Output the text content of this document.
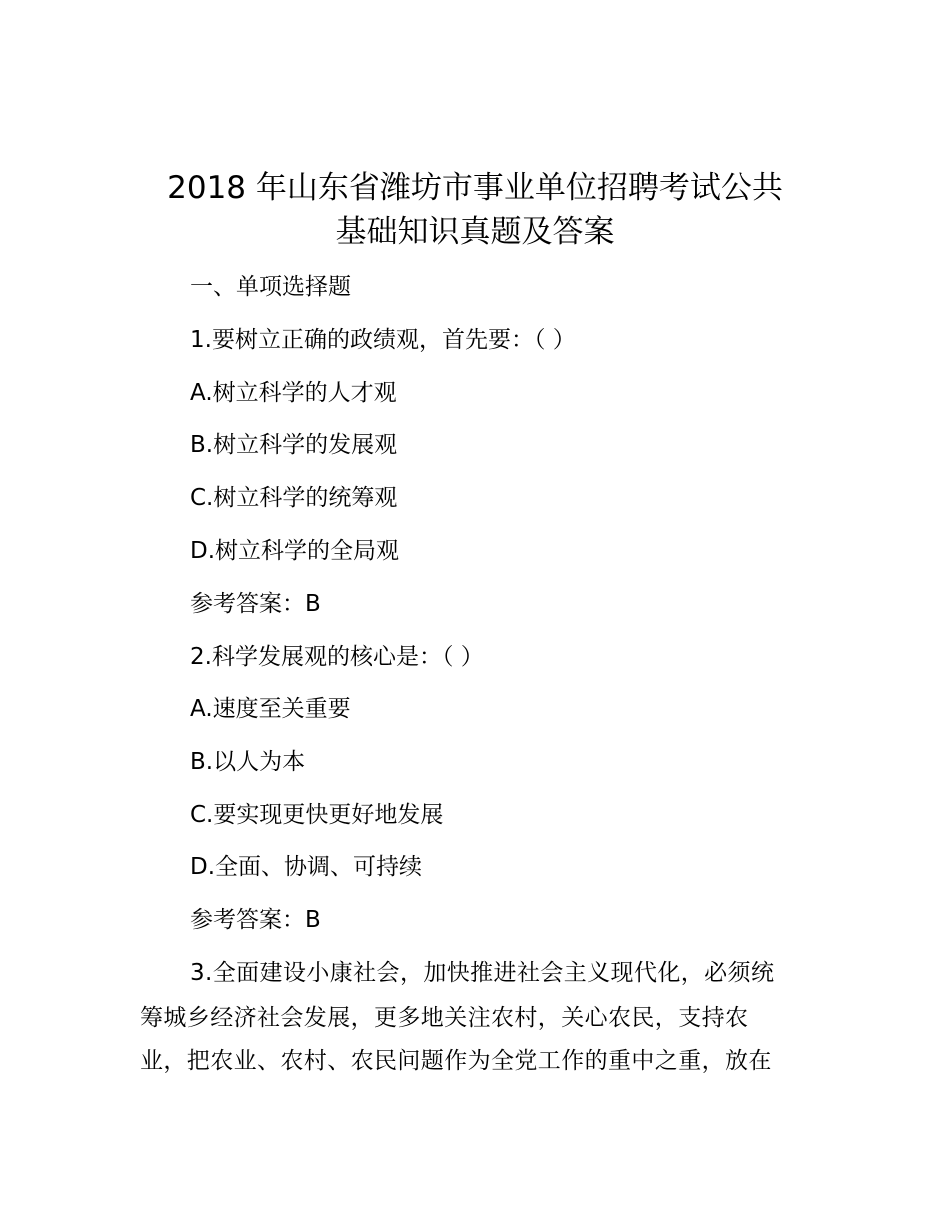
2018 年山东省潍坊市事业单位招聘考试公共
基础知识真题及答案

一、单项选择题

1.要树立正确的政绩观，首先要：（ ）

A.树立科学的人才观

B.树立科学的发展观

C.树立科学的统筹观

D.树立科学的全局观

参考答案：B

2.科学发展观的核心是：（ ）

A.速度至关重要

B.以人为本

C.要实现更快更好地发展

D.全面、协调、可持续

参考答案：B

3.全面建设小康社会，加快推进社会主义现代化，必须统

筹城乡经济社会发展，更多地关注农村，关心农民，支持农

业，把农业、农村、农民问题作为全党工作的重中之重，放在
